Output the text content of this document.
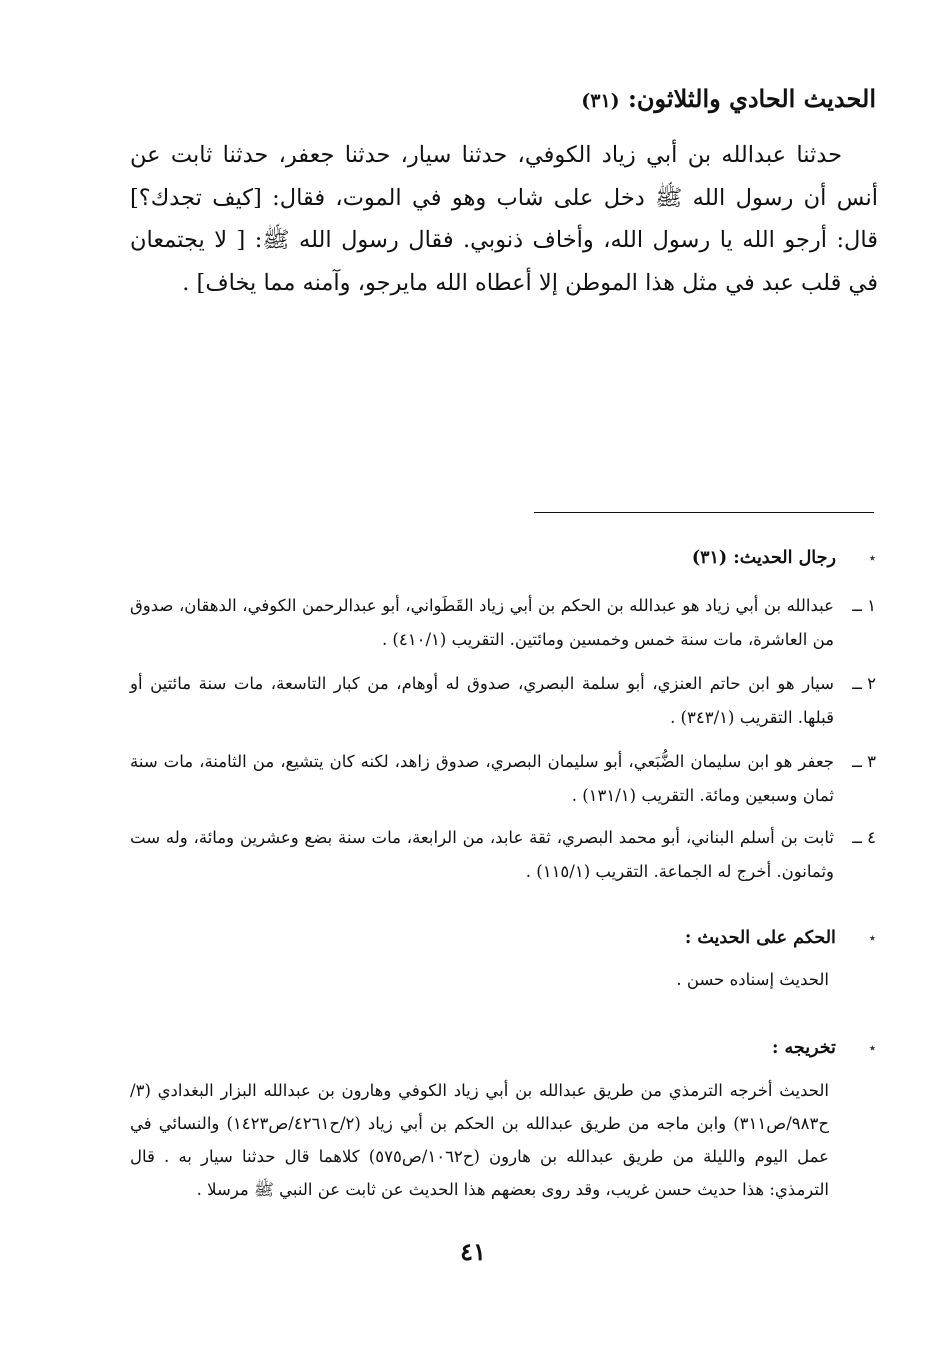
الحديث الحادي والثلاثون: (٣١)
حدثنا عبدالله بن أبي زياد الكوفي، حدثنا سيار، حدثنا جعفر، حدثنا ثابت عن أنس أن رسول الله ﷺ دخل على شاب وهو في الموت، فقال: [كيف تجدك؟] قال: أرجو الله يا رسول الله، وأخاف ذنوبي. فقال رسول الله ﷺ: [ لا يجتمعان في قلب عبد في مثل هذا الموطن إلا أعطاه الله مايرجو، وآمنه مما يخاف] .
٭ رجال الحديث: (٣١)
١ ــ
عبدالله بن أبي زياد هو عبدالله بن الحكم بن أبي زياد القَطَواني، أبو عبدالرحمن الكوفي، الدهقان، صدوق من العاشرة، مات سنة خمس وخمسين ومائتين. التقريب (٤١٠/١) .
٢ ــ
سيار هو ابن حاتم العنزي، أبو سلمة البصري، صدوق له أوهام، من كبار التاسعة، مات سنة مائتين أو قبلها. التقريب (٣٤٣/١) .
٣ ــ
جعفر هو ابن سليمان الضُّبَعي، أبو سليمان البصري، صدوق زاهد، لكنه كان يتشيع، من الثامنة، مات سنة ثمان وسبعين ومائة. التقريب (١٣١/١) .
٤ ــ
ثابت بن أسلم البناني، أبو محمد البصري، ثقة عابد، من الرابعة، مات سنة بضع وعشرين ومائة، وله ست وثمانون. أخرج له الجماعة. التقريب (١١٥/١) .
٭ الحكم على الحديث :
الحديث إسناده حسن .
٭ تخريجه :
الحديث أخرجه الترمذي من طريق عبدالله بن أبي زياد الكوفي وهارون بن عبدالله البزار البغدادي (٣/ح٩٨٣/ص٣١١) وابن ماجه من طريق عبدالله بن الحكم بن أبي زياد (٢/ح٤٢٦١/ص١٤٢٣) والنسائي في عمل اليوم والليلة من طريق عبدالله بن هارون (ح١٠٦٢/ص٥٧٥) كلاهما قال حدثنا سيار به . قال الترمذي: هذا حديث حسن غريب، وقد روى بعضهم هذا الحديث عن ثابت عن النبي ﷺ مرسلا .
٤١
